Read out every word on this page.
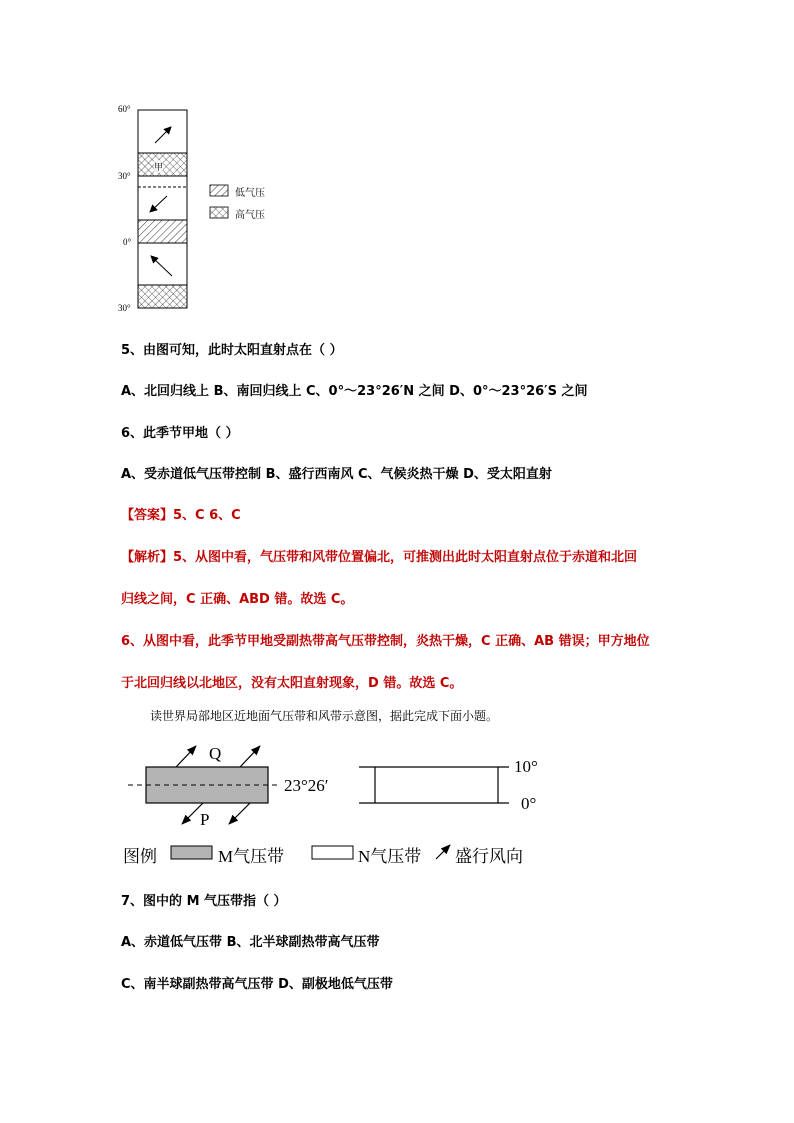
60°
30°
0°
30°
甲
低气压
高气压
5、由图可知，此时太阳直射点在（ ）
A、北回归线上 B、南回归线上 C、0°～23°26′N 之间 D、0°～23°26′S 之间
6、此季节甲地（ ）
A、受赤道低气压带控制 B、盛行西南风 C、气候炎热干燥 D、受太阳直射
【答案】5、C 6、C
【解析】5、从图中看，气压带和风带位置偏北，可推测出此时太阳直射点位于赤道和北回
归线之间，C 正确、ABD 错。故选 C。
6、从图中看，此季节甲地受副热带高气压带控制，炎热干燥，C 正确、AB 错误；甲方地位
于北回归线以北地区，没有太阳直射现象，D 错。故选 C。
读世界局部地区近地面气压带和风带示意图，据此完成下面小题。
Q
P
23°26′
10°
0°
图例	M气压带	N气压带 盛行风向
7、图中的 M 气压带指（ ）
A、赤道低气压带 B、北半球副热带高气压带
C、南半球副热带高气压带 D、副极地低气压带
